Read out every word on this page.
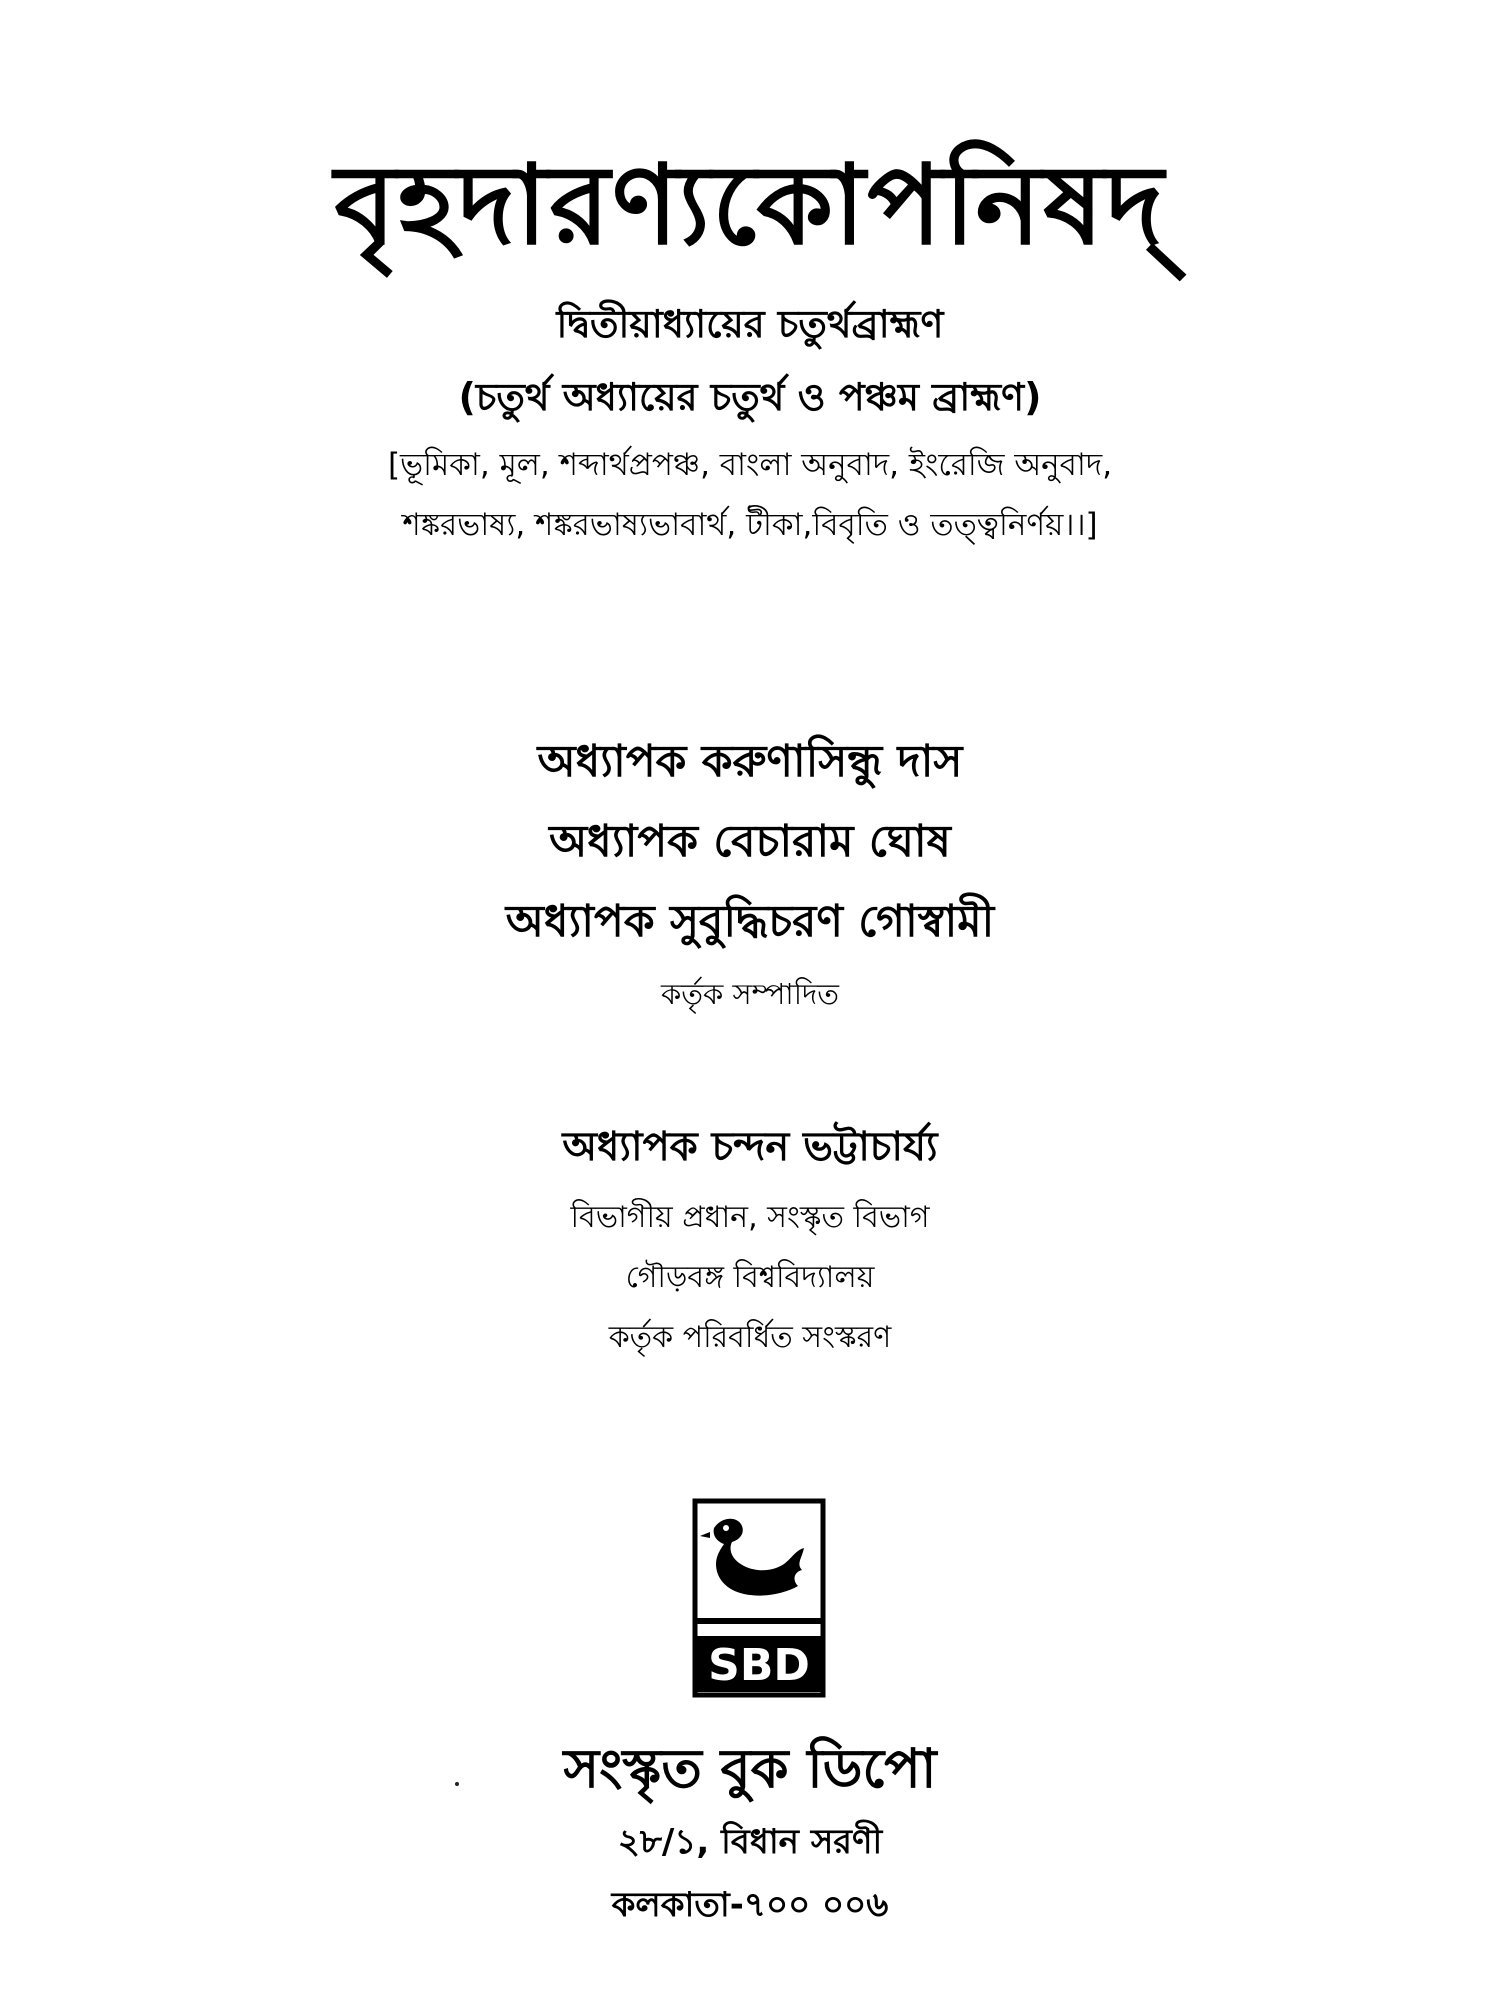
বৃহদারণ্যকোপনিষদ্
দ্বিতীয়াধ্যায়ের চতুর্থব্রাহ্মণ
(চতুর্থ অধ্যায়ের চতুর্থ ও পঞ্চম ব্রাহ্মণ)
[ভূমিকা, মূল, শব্দার্থপ্রপঞ্চ, বাংলা অনুবাদ, ইংরেজি অনুবাদ,
শঙ্করভাষ্য, শঙ্করভাষ্যভাবার্থ, টীকা,বিবৃতি ও তত্ত্বনির্ণয়।।]
অধ্যাপক করুণাসিন্ধু দাস
অধ্যাপক বেচারাম ঘোষ
অধ্যাপক সুবুদ্ধিচরণ গোস্বামী
কর্তৃক সম্পাদিত
অধ্যাপক চন্দন ভট্টাচার্য্য
বিভাগীয় প্রধান, সংস্কৃত বিভাগ
গৌড়বঙ্গ বিশ্ববিদ্যালয়
কর্তৃক পরিবর্ধিত সংস্করণ
SBD
সংস্কৃত বুক ডিপো
২৮/১, বিধান সরণী
কলকাতা-৭০০ ০০৬
